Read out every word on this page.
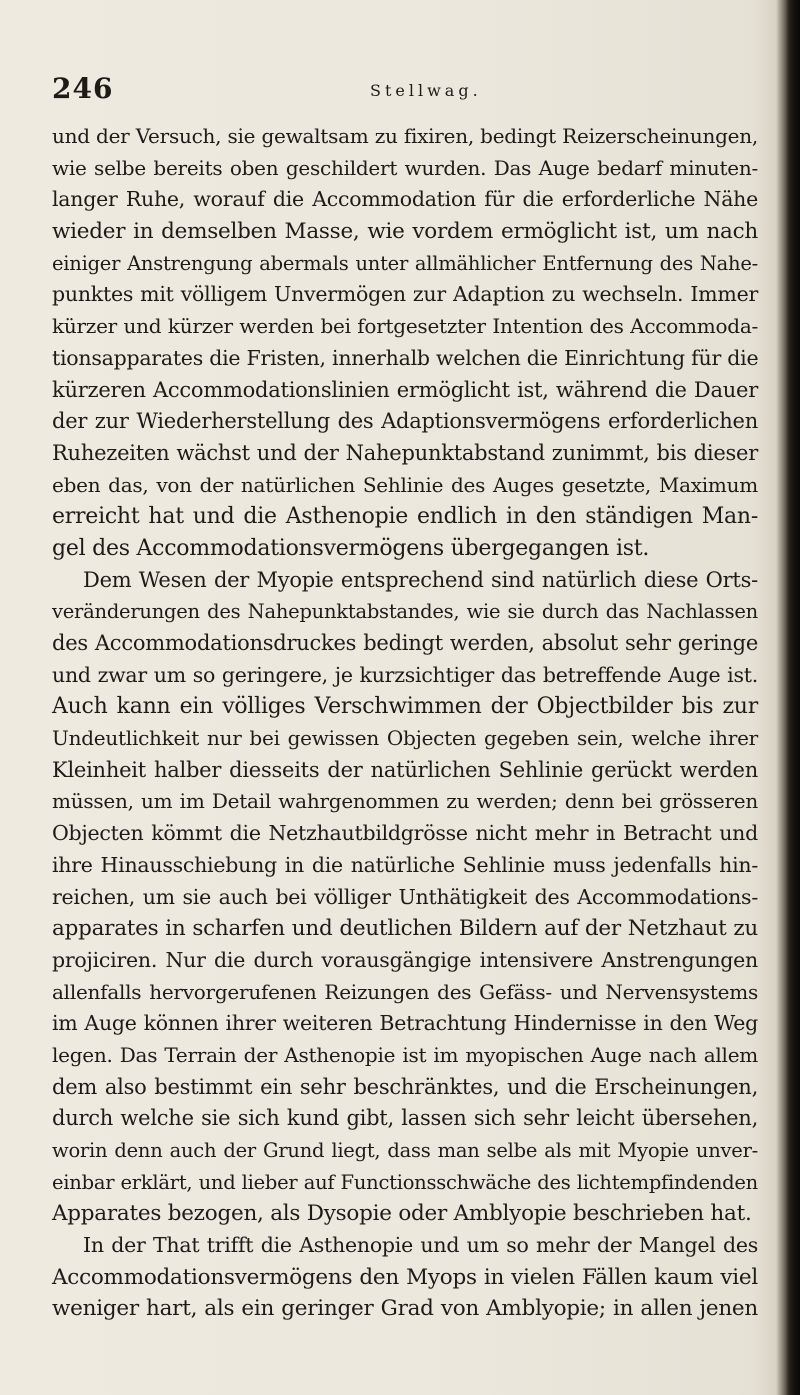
246	Stellwag.
und der Versuch, sie gewaltsam zu fixiren, bedingt Reizerscheinungen,
wie selbe bereits oben geschildert wurden. Das Auge bedarf minuten-
langer Ruhe, worauf die Accommodation für die erforderliche Nähe
wieder in demselben Masse, wie vordem ermöglicht ist, um nach
einiger Anstrengung abermals unter allmählicher Entfernung des Nahe-
punktes mit völligem Unvermögen zur Adaption zu wechseln. Immer
kürzer und kürzer werden bei fortgesetzter Intention des Accommoda-
tionsapparates die Fristen, innerhalb welchen die Einrichtung für die
kürzeren Accommodationslinien ermöglicht ist, während die Dauer
der zur Wiederherstellung des Adaptionsvermögens erforderlichen
Ruhezeiten wächst und der Nahepunktabstand zunimmt, bis dieser
eben das, von der natürlichen Sehlinie des Auges gesetzte, Maximum
erreicht hat und die Asthenopie endlich in den ständigen Man-
gel des Accommodationsvermögens übergegangen ist.
Dem Wesen der Myopie entsprechend sind natürlich diese Orts-
veränderungen des Nahepunktabstandes, wie sie durch das Nachlassen
des Accommodationsdruckes bedingt werden, absolut sehr geringe
und zwar um so geringere, je kurzsichtiger das betreffende Auge ist.
Auch kann ein völliges Verschwimmen der Objectbilder bis zur
Undeutlichkeit nur bei gewissen Objecten gegeben sein, welche ihrer
Kleinheit halber diesseits der natürlichen Sehlinie gerückt werden
müssen, um im Detail wahrgenommen zu werden; denn bei grösseren
Objecten kömmt die Netzhautbildgrösse nicht mehr in Betracht und
ihre Hinausschiebung in die natürliche Sehlinie muss jedenfalls hin-
reichen, um sie auch bei völliger Unthätigkeit des Accommodations-
apparates in scharfen und deutlichen Bildern auf der Netzhaut zu
projiciren. Nur die durch vorausgängige intensivere Anstrengungen
allenfalls hervorgerufenen Reizungen des Gefäss- und Nervensystems
im Auge können ihrer weiteren Betrachtung Hindernisse in den Weg
legen. Das Terrain der Asthenopie ist im myopischen Auge nach allem
dem also bestimmt ein sehr beschränktes, und die Erscheinungen,
durch welche sie sich kund gibt, lassen sich sehr leicht übersehen,
worin denn auch der Grund liegt, dass man selbe als mit Myopie unver-
einbar erklärt, und lieber auf Functionsschwäche des lichtempfindenden
Apparates bezogen, als Dysopie oder Amblyopie beschrieben hat.
In der That trifft die Asthenopie und um so mehr der Mangel des
Accommodationsvermögens den Myops in vielen Fällen kaum viel
weniger hart, als ein geringer Grad von Amblyopie; in allen jenen
